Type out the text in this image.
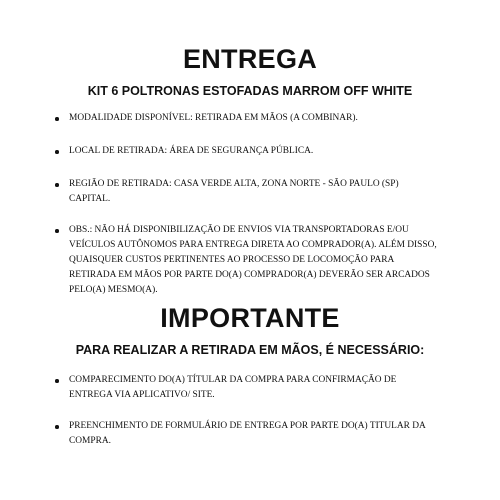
ENTREGA
KIT 6 POLTRONAS ESTOFADAS MARROM OFF WHITE
MODALIDADE DISPONÍVEL: RETIRADA EM MÃOS (A COMBINAR).
LOCAL DE RETIRADA: ÁREA DE SEGURANÇA PÚBLICA.
REGIÃO DE RETIRADA: CASA VERDE ALTA, ZONA NORTE - SÃO PAULO (SP) CAPITAL.
OBS.: NÃO HÁ DISPONIBILIZAÇÃO DE ENVIOS VIA TRANSPORTADORAS E/OU VEÍCULOS AUTÔNOMOS PARA ENTREGA DIRETA AO COMPRADOR(A). ALÉM DISSO, QUAISQUER CUSTOS PERTINENTES AO PROCESSO DE LOCOMOÇÃO PARA RETIRADA EM MÃOS POR PARTE DO(A) COMPRADOR(A) DEVERÃO SER ARCADOS PELO(A) MESMO(A).
IMPORTANTE
PARA REALIZAR A RETIRADA EM MÃOS, É NECESSÁRIO:
COMPARECIMENTO DO(A) TÍTULAR DA COMPRA PARA CONFIRMAÇÃO DE ENTREGA VIA APLICATIVO/ SITE.
PREENCHIMENTO DE FORMULÁRIO DE ENTREGA POR PARTE DO(A) TITULAR DA COMPRA.
